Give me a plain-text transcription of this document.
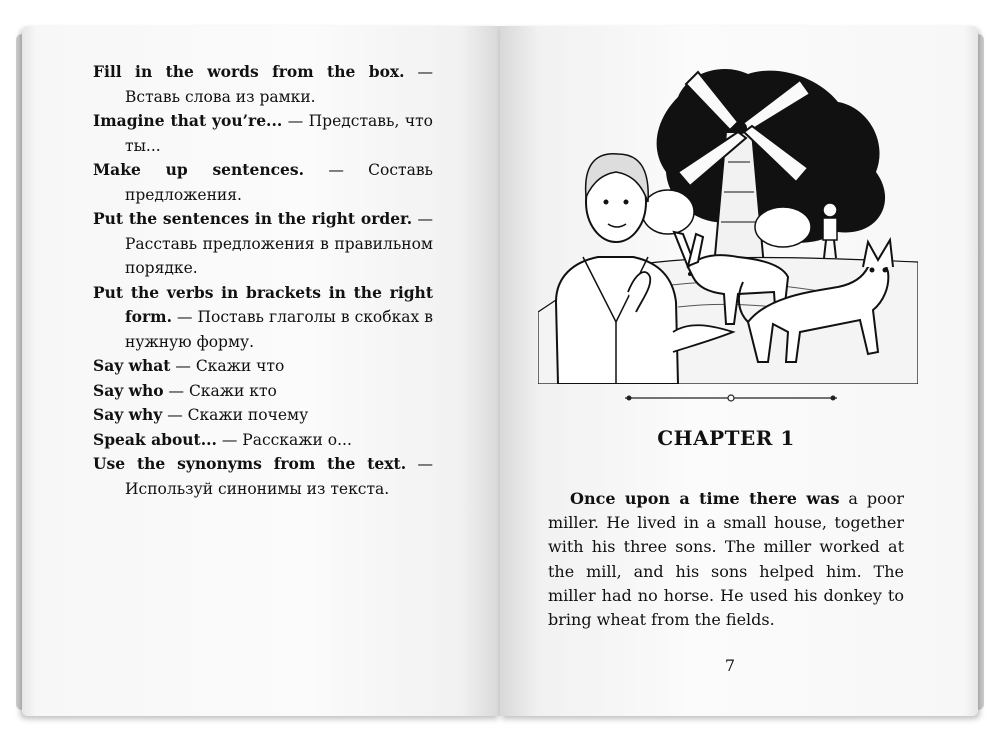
Fill in the words from the box. — Вставь слова из рамки.

Imagine that you’re... — Представь, что ты...

Make up sentences. — Составь предложения.

Put the sentences in the right order. — Расставь предложения в правильном порядке.

Put the verbs in brackets in the right form. — Поставь глаголы в скобках в нужную форму.

Say what — Скажи что

Say who — Скажи кто

Say why — Скажи почему

Speak about... — Расскажи о...

Use the synonyms from the text. — Используй синонимы из текста.

CHAPTER 1

Once upon a time there was a poor miller. He lived in a small house, together with his three sons. The miller worked at the mill, and his sons helped him. The miller had no horse. He used his donkey to bring wheat from the fields.

7
